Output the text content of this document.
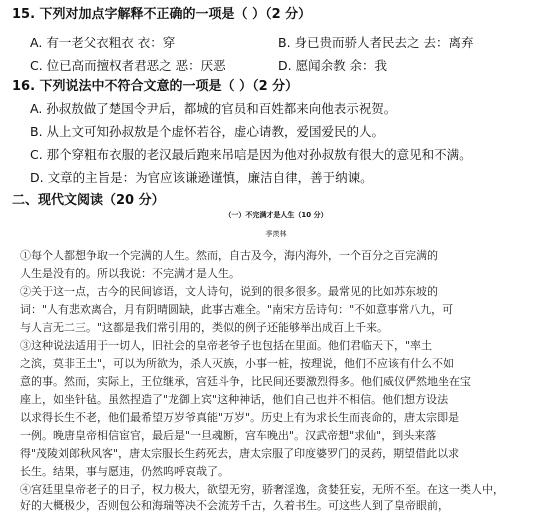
15. 下列对加点字解释不正确的一项是（ ）（2 分）
A. 有一老父衣粗衣 衣：穿	B. 身已贵而骄人者民去之 去：离弃
C. 位已高而擅权者君恶之 恶：厌恶	D. 愿闻余教 余：我
16. 下列说法中不符合文意的一项是（ ）（2 分）
A. 孙叔敖做了楚国令尹后，都城的官员和百姓都来向他表示祝贺。
B. 从上文可知孙叔敖是个虚怀若谷，虚心请教，爱国爱民的人。
C. 那个穿粗布衣服的老汉最后跑来吊唁是因为他对孙叔敖有很大的意见和不满。
D. 文章的主旨是：为官应该谦逊谨慎，廉洁自律，善于纳谏。
二、现代文阅读（20 分）
（一）不完满才是人生（10 分）
季羡林
①每个人都想争取一个完满的人生。然而，自古及今，海内海外，一个百分之百完满的
人生是没有的。所以我说：不完满才是人生。
②关于这一点，古今的民间谚语，文人诗句，说到的很多很多。最常见的比如苏东坡的
词："人有悲欢离合，月有阴晴圆缺，此事古难全。"南宋方岳诗句："不如意事常八九，可
与人言无二三。"这都是我们常引用的，类似的例子还能够举出成百上千来。
③这种说法适用于一切人，旧社会的皇帝老爷子也包括在里面。他们君临天下，"率土
之滨，莫非王土"，可以为所欲为，杀人灭族，小事一桩，按理说，他们不应该有什么不如
意的事。然而，实际上，王位继承，宫廷斗争，比民间还要激烈得多。他们威仪俨然地坐在宝
座上，如坐针毡。虽然捏造了"龙御上宾"这种神话，他们自己也并不相信。他们想方设法
以求得长生不老，他们最希望万岁爷真能"万岁"。历史上有为求长生而丧命的，唐太宗即是
一例。晚唐皇帝相信宦官，最后是"一旦魂断，宫车晚出"。汉武帝想"求仙"，到头来落
得"茂陵刘郎秋风客"，唐太宗服长生药死去，唐太宗服了印度婆罗门的灵药，期望借此以求
长生。结果，事与愿违，仍然呜呼哀哉了。
④宫廷里皇帝老子的日子，权力极大，欲望无穷，骄奢淫逸，贪婪狂妄，无所不至。在这一类人中，
好的大概极少，否则包公和海瑞等决不会流芳千古，久着书生。可这些人到了皇帝眼前，
